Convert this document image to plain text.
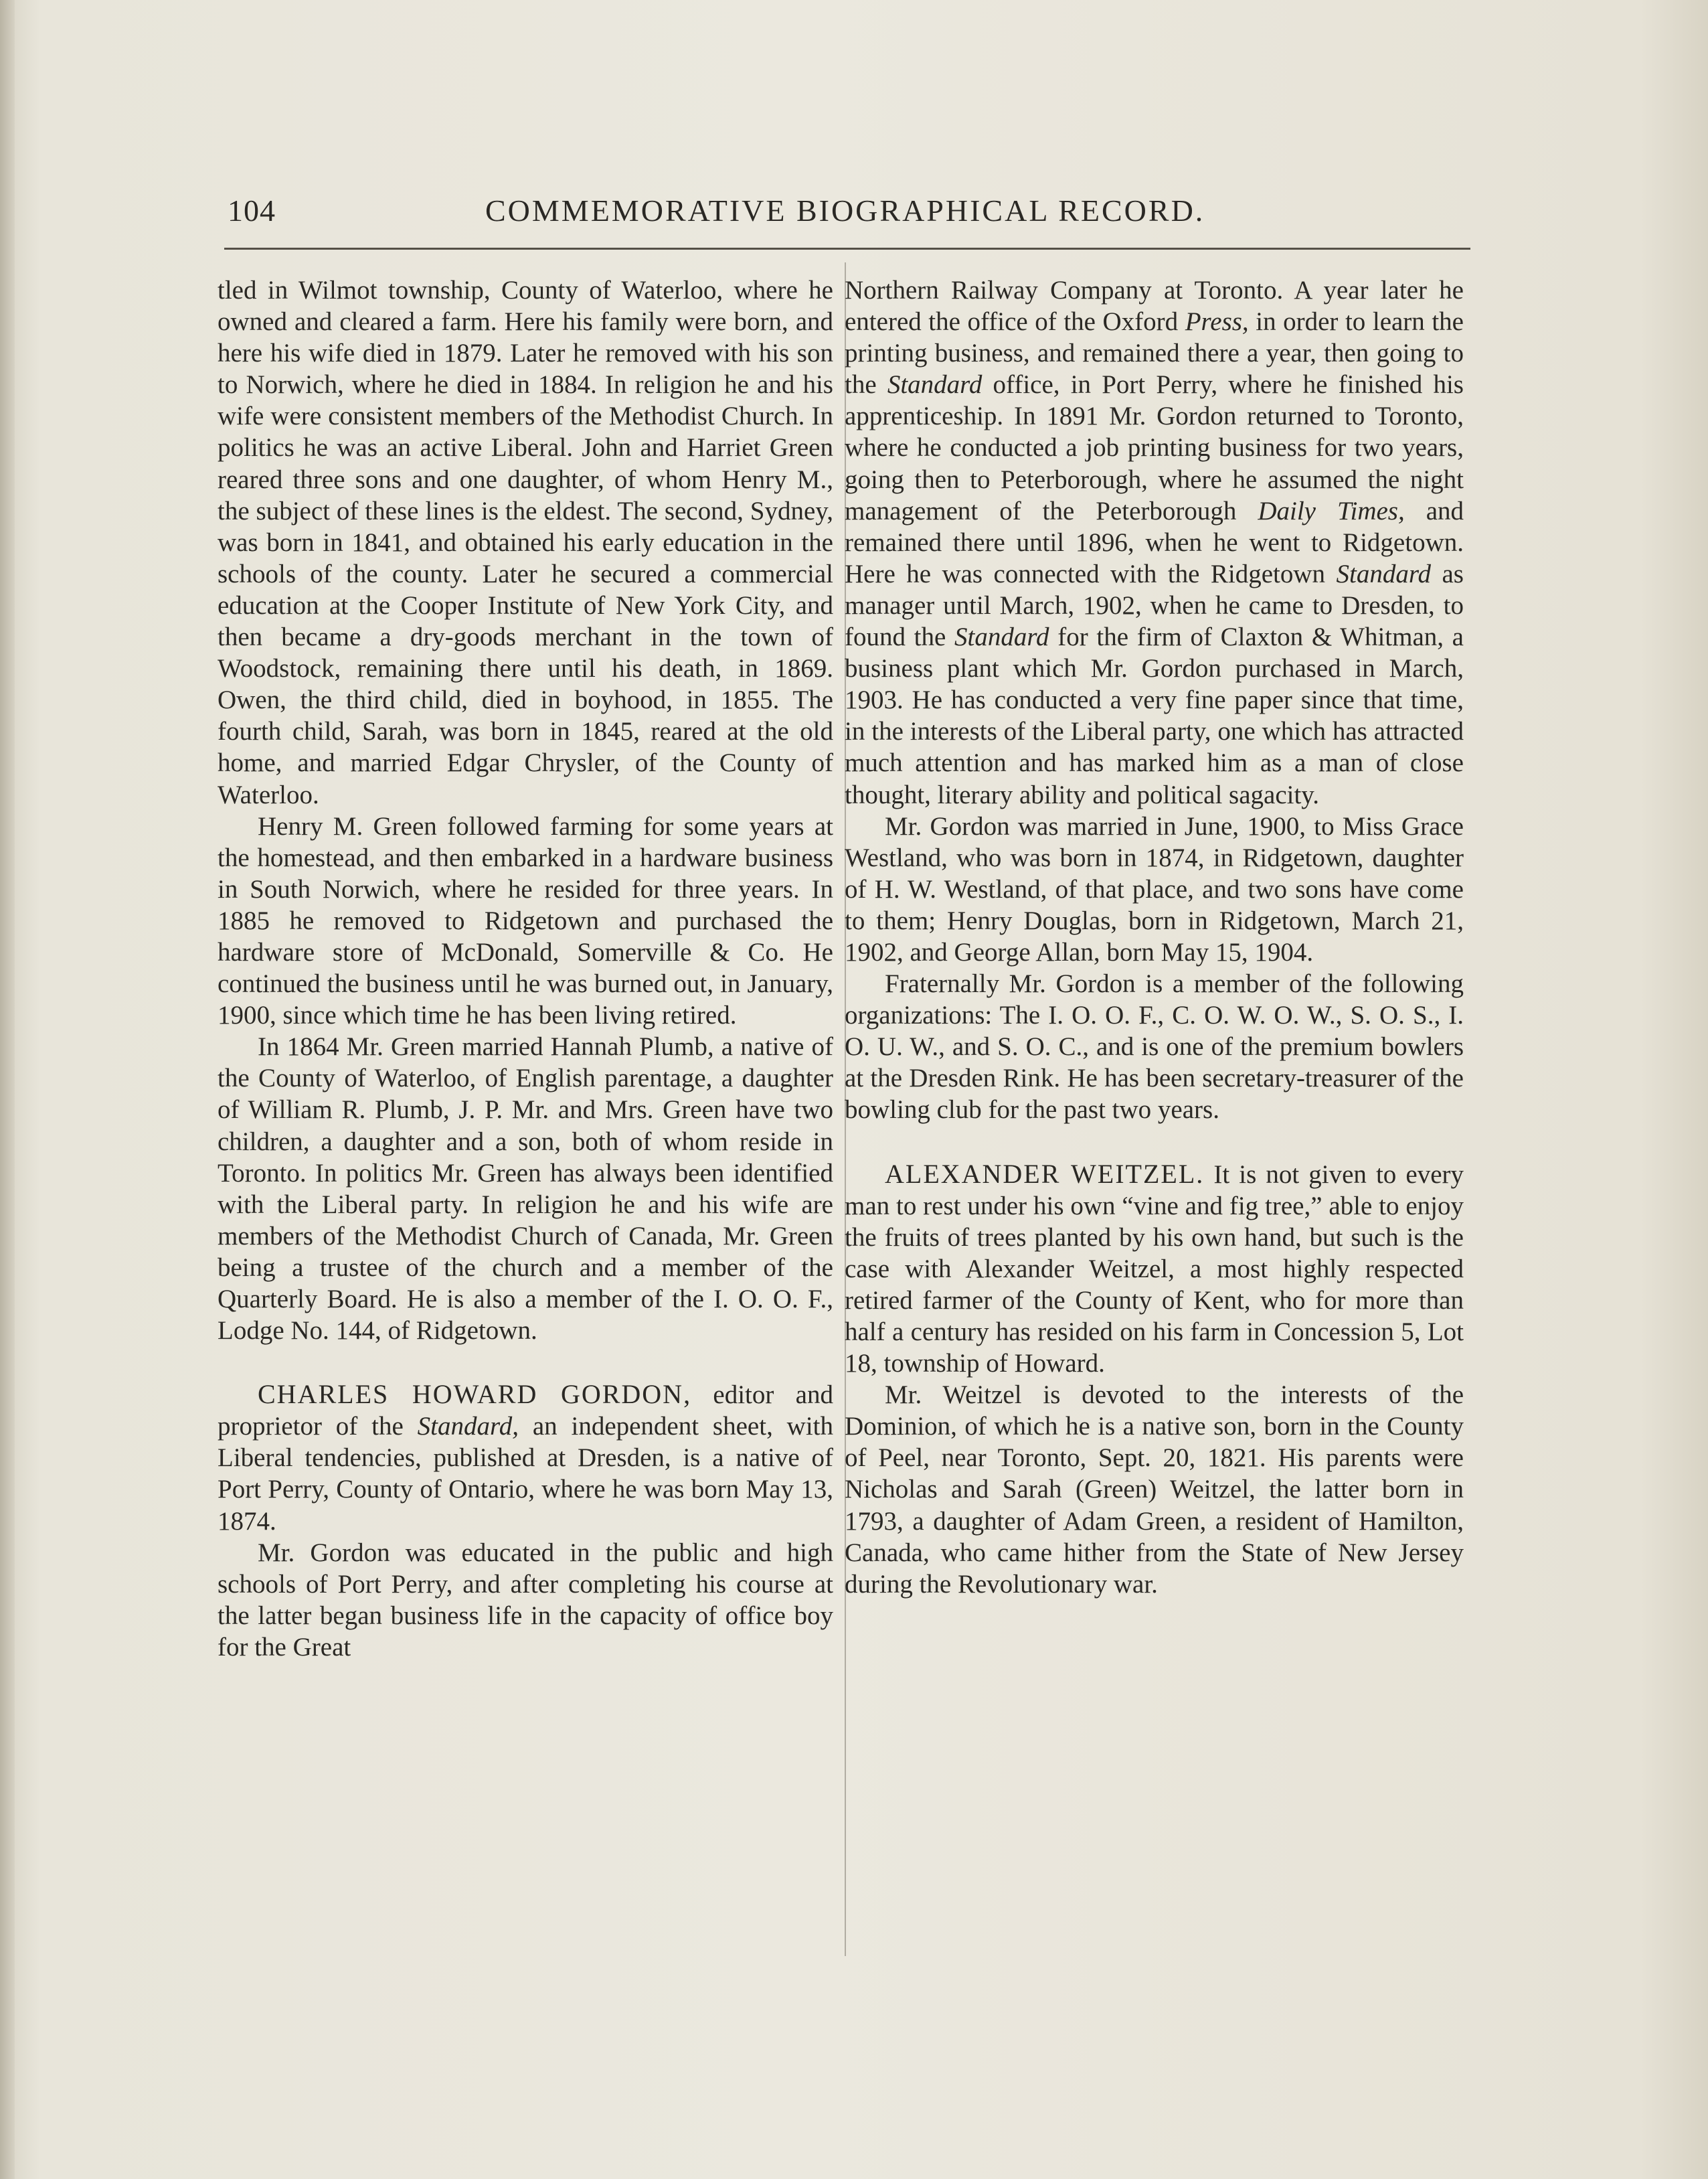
104	COMMEMORATIVE BIOGRAPHICAL RECORD.

tled in Wilmot township, County of Waterloo, where he owned and cleared a farm. Here his family were born, and here his wife died in 1879. Later he removed with his son to Norwich, where he died in 1884. In religion he and his wife were consistent members of the Methodist Church. In politics he was an active Liberal. John and Harriet Green reared three sons and one daughter, of whom Henry M., the subject of these lines is the eldest. The second, Sydney, was born in 1841, and obtained his early education in the schools of the county. Later he secured a commercial education at the Cooper Institute of New York City, and then became a dry-goods merchant in the town of Woodstock, remaining there until his death, in 1869. Owen, the third child, died in boyhood, in 1855. The fourth child, Sarah, was born in 1845, reared at the old home, and married Edgar Chrysler, of the County of Waterloo.

Henry M. Green followed farming for some years at the homestead, and then embarked in a hardware business in South Norwich, where he resided for three years. In 1885 he removed to Ridgetown and purchased the hardware store of McDonald, Somerville & Co. He continued the business until he was burned out, in January, 1900, since which time he has been living retired.

In 1864 Mr. Green married Hannah Plumb, a native of the County of Waterloo, of English parentage, a daughter of William R. Plumb, J. P. Mr. and Mrs. Green have two children, a daughter and a son, both of whom reside in Toronto. In politics Mr. Green has always been identified with the Liberal party. In religion he and his wife are members of the Methodist Church of Canada, Mr. Green being a trustee of the church and a member of the Quarterly Board. He is also a member of the I. O. O. F., Lodge No. 144, of Ridgetown.

CHARLES HOWARD GORDON, editor and proprietor of the Standard, an independent sheet, with Liberal tendencies, published at Dresden, is a native of Port Perry, County of Ontario, where he was born May 13, 1874.

Mr. Gordon was educated in the public and high schools of Port Perry, and after completing his course at the latter began business life in the capacity of office boy for the Great

Northern Railway Company at Toronto. A year later he entered the office of the Oxford Press, in order to learn the printing business, and remained there a year, then going to the Standard office, in Port Perry, where he finished his apprenticeship. In 1891 Mr. Gordon returned to Toronto, where he conducted a job printing business for two years, going then to Peterborough, where he assumed the night management of the Peterborough Daily Times, and remained there until 1896, when he went to Ridgetown. Here he was connected with the Ridgetown Standard as manager until March, 1902, when he came to Dresden, to found the Standard for the firm of Claxton & Whitman, a business plant which Mr. Gordon purchased in March, 1903. He has conducted a very fine paper since that time, in the interests of the Liberal party, one which has attracted much attention and has marked him as a man of close thought, literary ability and political sagacity.

Mr. Gordon was married in June, 1900, to Miss Grace Westland, who was born in 1874, in Ridgetown, daughter of H. W. Westland, of that place, and two sons have come to them; Henry Douglas, born in Ridgetown, March 21, 1902, and George Allan, born May 15, 1904.

Fraternally Mr. Gordon is a member of the following organizations: The I. O. O. F., C. O. W. O. W., S. O. S., I. O. U. W., and S. O. C., and is one of the premium bowlers at the Dresden Rink. He has been secretary-treasurer of the bowling club for the past two years.

ALEXANDER WEITZEL. It is not given to every man to rest under his own “vine and fig tree,” able to enjoy the fruits of trees planted by his own hand, but such is the case with Alexander Weitzel, a most highly respected retired farmer of the County of Kent, who for more than half a century has resided on his farm in Concession 5, Lot 18, township of Howard.

Mr. Weitzel is devoted to the interests of the Dominion, of which he is a native son, born in the County of Peel, near Toronto, Sept. 20, 1821. His parents were Nicholas and Sarah (Green) Weitzel, the latter born in 1793, a daughter of Adam Green, a resident of Hamilton, Canada, who came hither from the State of New Jersey during the Revolutionary war.
